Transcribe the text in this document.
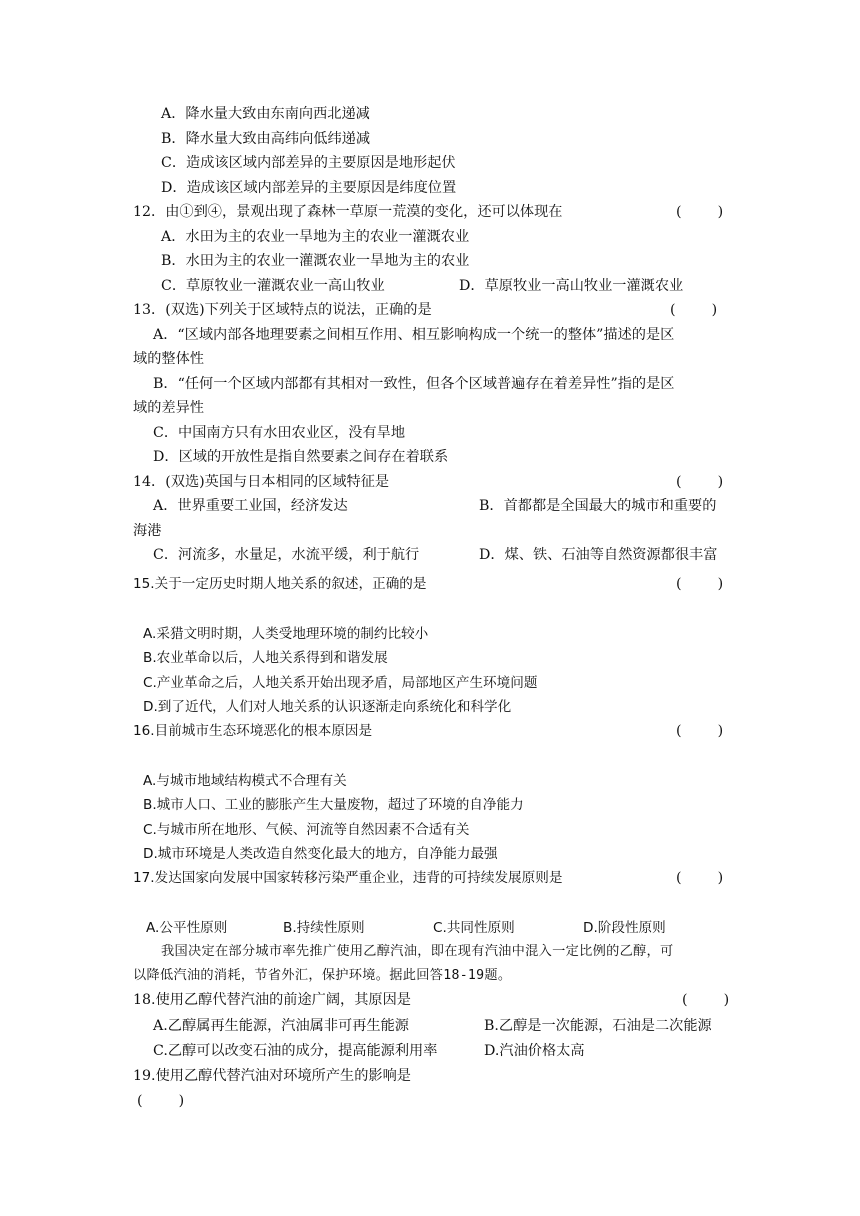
A．降水量大致由东南向西北递减
B．降水量大致由高纬向低纬递减
C．造成该区域内部差异的主要原因是地形起伏
D．造成该区域内部差异的主要原因是纬度位置
12．由①到④，景观出现了森林一草原一荒漠的变化，还可以体现在	(        )
A．水田为主的农业一旱地为主的农业一灌溉农业
B．水田为主的农业一灌溉农业一旱地为主的农业
C．草原牧业一灌溉农业一高山牧业	D．草原牧业一高山牧业一灌溉农业
13．(双选)下列关于区域特点的说法，正确的是	(        )
A．“区域内部各地理要素之间相互作用、相互影响构成一个统一的整体”描述的是区
域的整体性
B．“任何一个区域内部都有其相对一致性，但各个区域普遍存在着差异性”指的是区
域的差异性
C．中国南方只有水田农业区，没有旱地
D．区域的开放性是指自然要素之间存在着联系
14．(双选)英国与日本相同的区域特征是	(        )
A．世界重要工业国，经济发达	B．首都都是全国最大的城市和重要的
海港
C．河流多，水量足，水流平缓，利于航行	D．煤、铁、石油等自然资源都很丰富
15.关于一定历史时期人地关系的叙述，正确的是	(        )
A.采猎文明时期，人类受地理环境的制约比较小
B.农业革命以后，人地关系得到和谐发展
C.产业革命之后，人地关系开始出现矛盾，局部地区产生环境问题
D.到了近代，人们对人地关系的认识逐渐走向系统化和科学化
16.目前城市生态环境恶化的根本原因是	(        )
A.与城市地域结构模式不合理有关
B.城市人口、工业的膨胀产生大量废物，超过了环境的自净能力
C.与城市所在地形、气候、河流等自然因素不合适有关
D.城市环境是人类改造自然变化最大的地方，自净能力最强
17.发达国家向发展中国家转移污染严重企业，违背的可持续发展原则是	(        )
A.公平性原则	B.持续性原则	C.共同性原则	D.阶段性原则
我国决定在部分城市率先推广使用乙醇汽油，即在现有汽油中混入一定比例的乙醇，可
以降低汽油的消耗，节省外汇，保护环境。据此回答18-19题。
18.使用乙醇代替汽油的前途广阔，其原因是	(        )
A.乙醇属再生能源，汽油属非可再生能源	B.乙醇是一次能源，石油是二次能源
C.乙醇可以改变石油的成分，提高能源利用率	D.汽油价格太高
19.使用乙醇代替汽油对环境所产生的影响是
(        )
